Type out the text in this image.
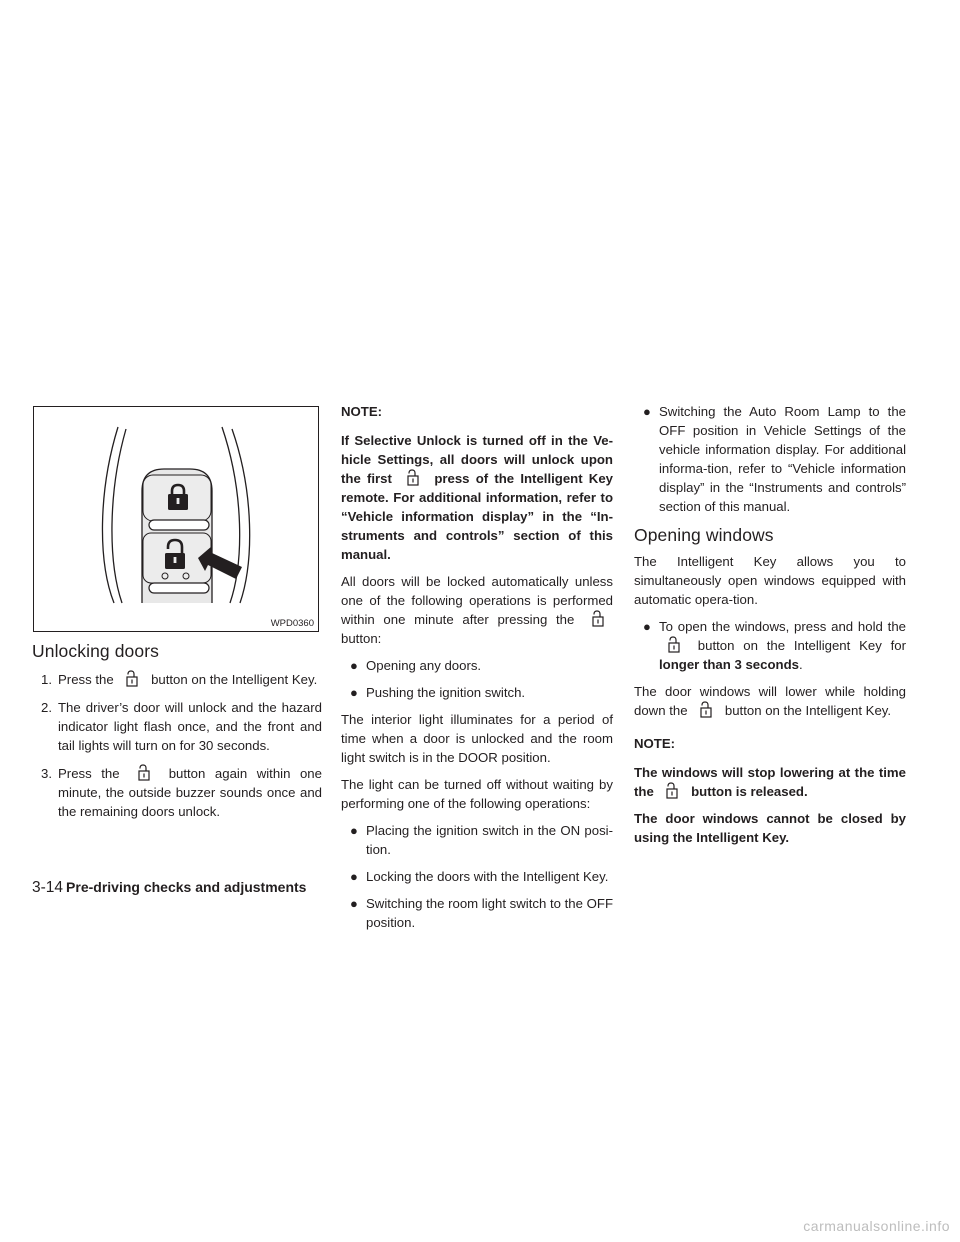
WPD0360
Unlocking doors
1. Press the	button on the Intelligent Key.
2. The driver’s door will unlock and the hazard indicator light flash once, and the front and tail lights will turn on for 30 seconds.
3. Press the	button again within one minute, the outside buzzer sounds once and the remaining doors unlock.

NOTE:

If Selective Unlock is turned off in the Ve-hicle Settings, all doors will unlock upon the first	press of the Intelligent Key remote. For additional information, refer to “Vehicle information display” in the “In-struments and controls” section of this manual.

All doors will be locked automatically unless one of the following operations is performed within one minute after pressing the
button:

● Opening any doors.
● Pushing the ignition switch.

The interior light illuminates for a period of time when a door is unlocked and the room light switch is in the DOOR position.

The light can be turned off without waiting by performing one of the following operations:

● Placing the ignition switch in the ON posi-tion.
● Locking the doors with the Intelligent Key.
● Switching the room light switch to the OFF position.
● Switching the Auto Room Lamp to the OFF position in Vehicle Settings of the vehicle information display. For additional informa-tion, refer to “Vehicle information display” in the “Instruments and controls” section of this manual.
Opening windows

The Intelligent Key allows you to simultaneously open windows equipped with automatic opera-tion.

● To open the windows, press and hold the
button on the Intelligent Key for longer than 3 seconds.

The door windows will lower while holding down the	button on the Intelligent Key.

NOTE:

The windows will stop lowering at the time the	button is released.

The door windows cannot be closed by using the Intelligent Key.

3-14 Pre-driving checks and adjustments
carmanualsonline.info
